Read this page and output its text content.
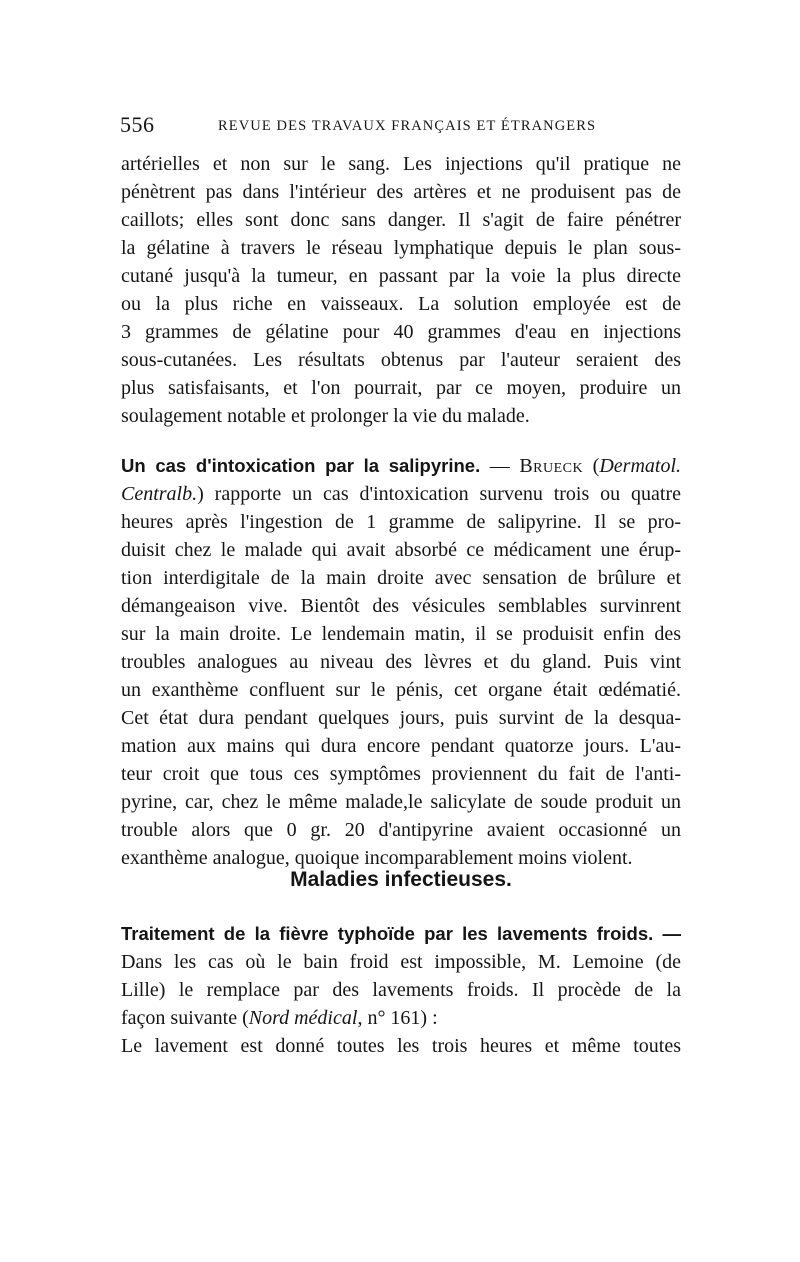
556	REVUE DES TRAVAUX FRANÇAIS ET ÉTRANGERS
artérielles et non sur le sang. Les injections qu'il pratique ne
pénètrent pas dans l'intérieur des artères et ne produisent pas de
caillots; elles sont donc sans danger. Il s'agit de faire pénétrer
la gélatine à travers le réseau lymphatique depuis le plan sous-
cutané jusqu'à la tumeur, en passant par la voie la plus directe
ou la plus riche en vaisseaux. La solution employée est de
3 grammes de gélatine pour 40 grammes d'eau en injections
sous-cutanées. Les résultats obtenus par l'auteur seraient des
plus satisfaisants, et l'on pourrait, par ce moyen, produire un
soulagement notable et prolonger la vie du malade.
Un cas d'intoxication par la salipyrine. — Brueck (Dermatol.
Centralb.) rapporte un cas d'intoxication survenu trois ou quatre
heures après l'ingestion de 1 gramme de salipyrine. Il se pro-
duisit chez le malade qui avait absorbé ce médicament une érup-
tion interdigitale de la main droite avec sensation de brûlure et
démangeaison vive. Bientôt des vésicules semblables survinrent
sur la main droite. Le lendemain matin, il se produisit enfin des
troubles analogues au niveau des lèvres et du gland. Puis vint
un exanthème confluent sur le pénis, cet organe était œdématié.
Cet état dura pendant quelques jours, puis survint de la desqua-
mation aux mains qui dura encore pendant quatorze jours. L'au-
teur croit que tous ces symptômes proviennent du fait de l'anti-
pyrine, car, chez le même malade,le salicylate de soude produit un
trouble alors que 0 gr. 20 d'antipyrine avaient occasionné un
exanthème analogue, quoique incomparablement moins violent.
Maladies infectieuses.
Traitement de la fièvre typhoïde par les lavements froids. —
Dans les cas où le bain froid est impossible, M. Lemoine (de
Lille) le remplace par des lavements froids. Il procède de la
façon suivante (Nord médical, n° 161) :
Le lavement est donné toutes les trois heures et même toutes
